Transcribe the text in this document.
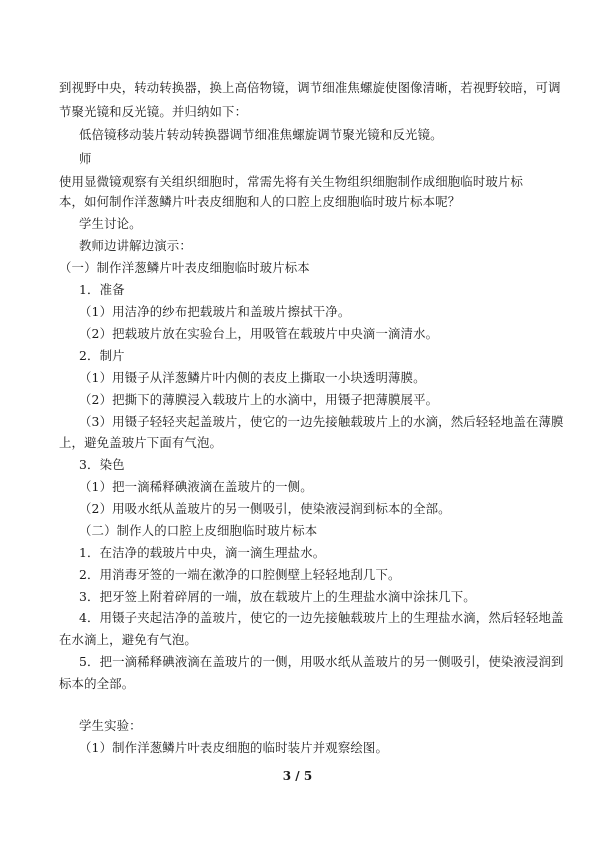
到视野中央，转动转换器，换上高倍物镜，调节细准焦螺旋使图像清晰，若视野较暗，可调
节聚光镜和反光镜。并归纳如下：
低倍镜移动装片转动转换器调节细准焦螺旋调节聚光镜和反光镜。
师
使用显微镜观察有关组织细胞时，常需先将有关生物组织细胞制作成细胞临时玻片标
本，如何制作洋葱鳞片叶表皮细胞和人的口腔上皮细胞临时玻片标本呢？
学生讨论。
教师边讲解边演示：
（一）制作洋葱鳞片叶表皮细胞临时玻片标本
1．准备
（1）用洁净的纱布把载玻片和盖玻片擦拭干净。
（2）把载玻片放在实验台上，用吸管在载玻片中央滴一滴清水。
2．制片
（1）用镊子从洋葱鳞片叶内侧的表皮上撕取一小块透明薄膜。
（2）把撕下的薄膜浸入载玻片上的水滴中，用镊子把薄膜展平。
（3）用镊子轻轻夹起盖玻片，使它的一边先接触载玻片上的水滴，然后轻轻地盖在薄膜
上，避免盖玻片下面有气泡。
3．染色
（1）把一滴稀释碘液滴在盖玻片的一侧。
（2）用吸水纸从盖玻片的另一侧吸引，使染液浸润到标本的全部。
（二）制作人的口腔上皮细胞临时玻片标本
1．在洁净的载玻片中央，滴一滴生理盐水。
2．用消毒牙签的一端在漱净的口腔侧壁上轻轻地刮几下。
3．把牙签上附着碎屑的一端，放在载玻片上的生理盐水滴中涂抹几下。
4．用镊子夹起洁净的盖玻片，使它的一边先接触载玻片上的生理盐水滴，然后轻轻地盖
在水滴上，避免有气泡。
5．把一滴稀释碘液滴在盖玻片的一侧，用吸水纸从盖玻片的另一侧吸引，使染液浸润到
标本的全部。
学生实验：
（1）制作洋葱鳞片叶表皮细胞的临时装片并观察绘图。
3 / 5
